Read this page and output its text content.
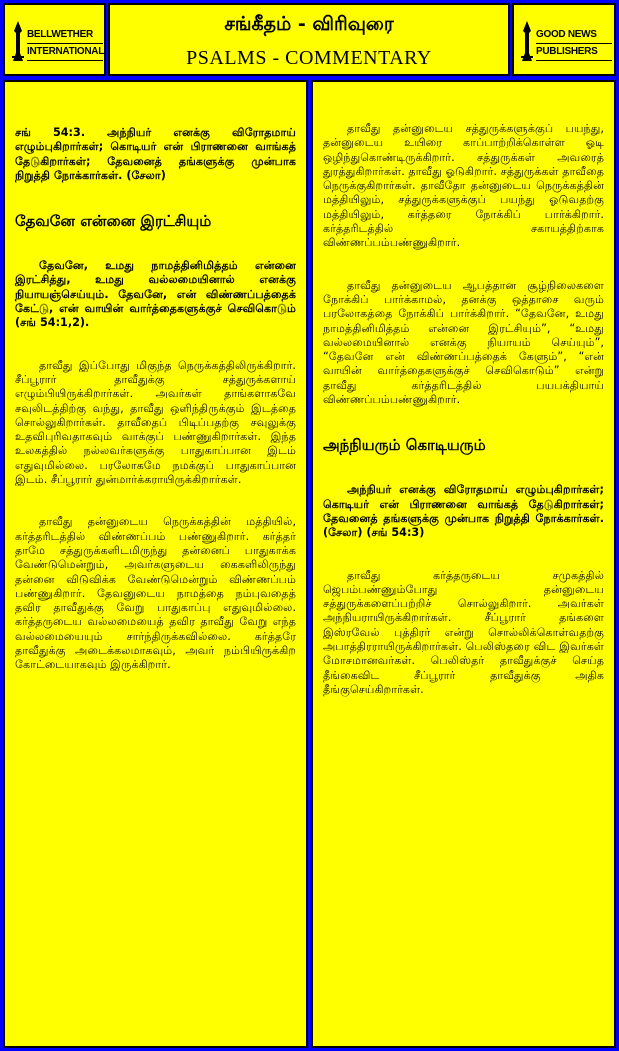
BELLWETHER
INTERNATIONAL
சங்கீதம் - விரிவுரை
PSALMS - COMMENTARY
GOOD NEWS
PUBLISHERS

சங் 54:3. அந்நியர் எனக்கு விரோதமாய் எழும்புகிறார்கள்; கொடியர் என் பிராணனை வாங்கத் தேடுகிறார்கள்; தேவனைத் தங்களுக்கு முன்பாக நிறுத்தி நோக்கார்கள். (சேலா)

தேவனே என்னை இரட்சியும்

தேவனே, உமது நாமத்தினிமித்தம் என்னை இரட்சித்து, உமது வல்லமையினால் எனக்கு நியாயஞ்செய்யும். தேவனே, என் விண்ணப்பத்தைக் கேட்டு, என் வாயின் வார்த்தைகளுக்குச் செவிகொடும் (சங் 54:1,2).

தாவீது இப்போது மிகுந்த நெருக்கத்திலிருக்கிறார். சீப்பூரார் தாவீதுக்கு சத்துருக்களாய் எழும்பியிருக்கிறார்கள். அவர்கள் தாங்களாகவே சவுலிடத்திற்கு வந்து, தாவீது ஒளிந்திருக்கும் இடத்தை சொல்லுகிறார்கள். தாவீதைப் பிடிப்பதற்கு சவுலுக்கு உதவிபுரிவதாகவும் வாக்குப் பண்ணுகிறார்கள். இந்த உலகத்தில் நல்லவர்களுக்கு பாதுகாப்பான இடம் எதுவுமில்லை. பரலோகமே நமக்குப் பாதுகாப்பான இடம். சீப்பூரார் துன்மார்க்கராயிருக்கிறார்கள்.

தாவீது தன்னுடைய நெருக்கத்தின் மத்தியில், கர்த்தரிடத்தில் விண்ணப்பம் பண்ணுகிறார். கர்த்தர் தாமே சத்துருக்களிடமிருந்து தன்னைப் பாதுகாக்க வேண்டுமென்றும், அவர்களுடைய கைகளிலிருந்து தன்னை விடுவிக்க வேண்டுமென்றும் விண்ணப்பம் பண்ணுகிறார். தேவனுடைய நாமத்தை நம்புவதைத் தவிர தாவீதுக்கு வேறு பாதுகாப்பு எதுவுமில்லை. கர்த்தருடைய வல்லமையைத் தவிர தாவீது வேறு எந்த வல்லமையையும் சார்ந்திருக்கவில்லை. கர்த்தரே தாவீதுக்கு அடைக்கலமாகவும், அவர் நம்பியிருக்கிற கோட்டையாகவும் இருக்கிறார்.

தாவீது தன்னுடைய சத்துருக்களுக்குப் பயந்து, தன்னுடைய உயிரை காப்பாற்றிக்கொள்ள ஓடி ஒழிந்துகொண்டிருக்கிறார். சத்துருக்கள் அவரைத் துரத்துகிறார்கள். தாவீது ஓடுகிறார். சத்துருக்கள் தாவீதை நெருக்குகிறார்கள். தாவீதோ தன்னுடைய நெருக்கத்தின் மத்தியிலும், சத்துருக்களுக்குப் பயந்து ஓடுவதற்கு மத்தியிலும், கர்த்தரை நோக்கிப் பார்க்கிறார். கர்த்தரிடத்தில் சகாயத்திற்காக விண்ணப்பம்பண்ணுகிறார்.

தாவீது தன்னுடைய ஆபத்தான சூழ்நிலைகளை நோக்கிப் பார்க்காமல், தனக்கு ஒத்தாசை வரும் பரலோகத்தை நோக்கிப் பார்க்கிறார். “தேவனே, உமது நாமத்தினிமித்தம் என்னை இரட்சியும்”, “உமது வல்லமையினால் எனக்கு நியாயம் செய்யும்”, “தேவனே என் விண்ணப்பத்தைக் கேளும்”, “என் வாயின் வார்த்தைகளுக்குச் செவிகொடும்” என்று தாவீது கர்த்தரிடத்தில் பயபக்தியாய் விண்ணப்பம்பண்ணுகிறார்.

அந்நியரும் கொடியரும்

அந்நியர் எனக்கு விரோதமாய் எழும்புகிறார்கள்; கொடியர் என் பிராணனை வாங்கத் தேடுகிறார்கள்; தேவனைத் தங்களுக்கு முன்பாக நிறுத்தி நோக்கார்கள். (சேலா) (சங் 54:3)

தாவீது கர்த்தருடைய சமுகத்தில் ஜெபம்பண்ணும்போது தன்னுடைய சத்துருக்களைப்பற்றிச் சொல்லுகிறார். அவர்கள் அந்நியராயிருக்கிறார்கள். சீப்பூரார் தங்களை இஸ்ரவேல் புத்திரர் என்று சொல்லிக்கொள்வதற்கு அபாத்திரராயிருக்கிறார்கள். பெலிஸ்தரை விட இவர்கள் மோசமானவர்கள். பெலிஸ்தர் தாவீதுக்குச் செய்த தீங்கைவிட சீப்பூரார் தாவீதுக்கு அதிக தீங்குசெய்கிறார்கள்.
